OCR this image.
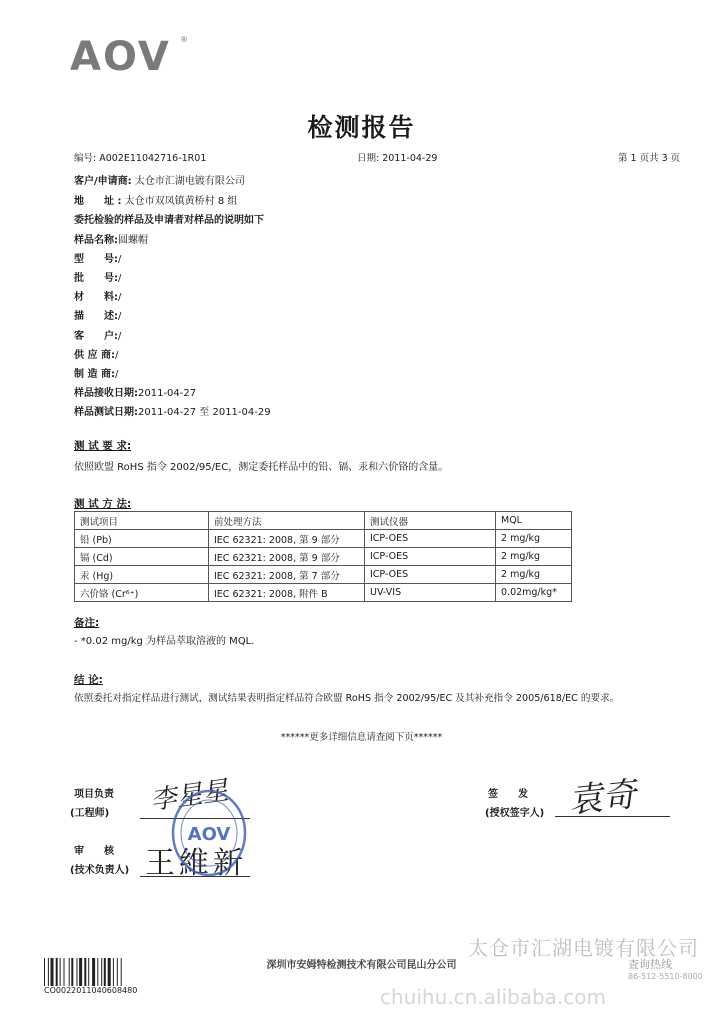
AOV ®
检测报告
编号: A002E11042716-1R01	日期: 2011-04-29	第 1 页共 3 页
客户/申请商: 太仓市汇湖电镀有限公司
地　　址 : 太仓市双凤镇黄桥村 8 组
委托检验的样品及申请者对样品的说明如下
样品名称:圆螺帽
型　　号:/
批　　号:/
材　　料:/
描　　述:/
客　　户:/
供 应 商:/
制 造 商:/
样品接收日期:2011-04-27
样品测试日期:2011-04-27 至 2011-04-29
测 试 要 求:
依照欧盟 RoHS 指令 2002/95/EC，测定委托样品中的铅、镉、汞和六价铬的含量。
测 试 方 法:
测试项目	前处理方法	测试仪器	MQL
铅 (Pb)	IEC 62321: 2008, 第 9 部分	ICP-OES	2 mg/kg
镉 (Cd)	IEC 62321: 2008, 第 9 部分	ICP-OES	2 mg/kg
汞 (Hg)	IEC 62321: 2008, 第 7 部分	ICP-OES	2 mg/kg
六价铬 (Cr⁶⁺)	IEC 62321: 2008, 附件 B	UV-VIS	0.02mg/kg*
备注:
- *0.02 mg/kg 为样品萃取溶液的 MQL.
结 论:
依照委托对指定样品进行测试，测试结果表明指定样品符合欧盟 RoHS 指令 2002/95/EC 及其补充指令 2005/618/EC 的要求。
******更多详细信息请查阅下页******
项目负责
(工程师)
审　　核
(技术负责人)
签　　发
(授权签字人)
李星星
王維新
袁奇
AOV
深圳市安姆特检测技术有限公司昆山分公司
太仓市汇湖电镀有限公司
查询热线
86-512-5510-8000
chuihu.cn.alibaba.com
CO0022011040608480
